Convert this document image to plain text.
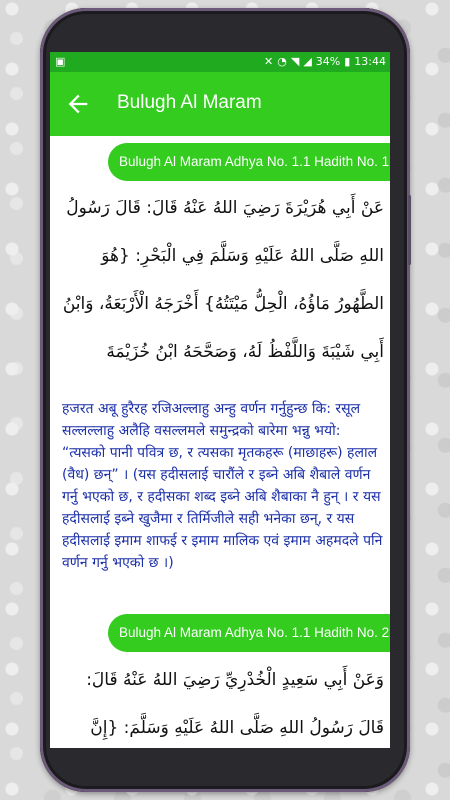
▣	✕ ◔ ◥ ◢ 34% ▮ 13:44
Bulugh Al Maram
Bulugh Al Maram Adhya No. 1.1 Hadith No. 1
عَنْ أَبِي هُرَيْرَةَ رَضِيَ اللهُ عَنْهُ قَالَ: قَالَ رَسُولُ اللهِ صَلَّى اللهُ عَلَيْهِ وَسَلَّمَ فِي الْبَحْرِ: {هُوَ الطَّهُورُ مَاؤُهُ، الْحِلُّ مَيْتَتُهُ} أَخْرَجَهُ الْأَرْبَعَةُ، وَابْنُ أَبِي شَيْبَةَ وَاللَّفْظُ لَهُ، وَصَحَّحَهُ ابْنُ خُزَيْمَةَ
हजरत अबू हुरैरह रजिअल्लाहु अन्हु वर्णन गर्नुहुन्छ कि: रसूल सल्लल्लाहु अलैहि वसल्लमले समुन्द्रको बारेमा भन्नु भयो: “त्यसको पानी पवित्र छ, र त्यसका मृतकहरू (माछाहरू) हलाल (वैध) छन्” । (यस हदीसलाई चारौंले र इब्ने अबि शैबाले वर्णन गर्नु भएको छ, र हदीसका शब्द इब्ने अबि शैबाका नै हुन् । र यस हदीसलाई इब्ने खुजैमा र तिर्मिजीले सही भनेका छन्, र यस हदीसलाई इमाम शाफई र इमाम मालिक एवं इमाम अहमदले पनि वर्णन गर्नु भएको छ ।)
Bulugh Al Maram Adhya No. 1.1 Hadith No. 2
وَعَنْ أَبِي سَعِيدٍ الْخُدْرِيِّ رَضِيَ اللهُ عَنْهُ قَالَ: قَالَ رَسُولُ اللهِ صَلَّى اللهُ عَلَيْهِ وَسَلَّمَ: {إِنَّ
